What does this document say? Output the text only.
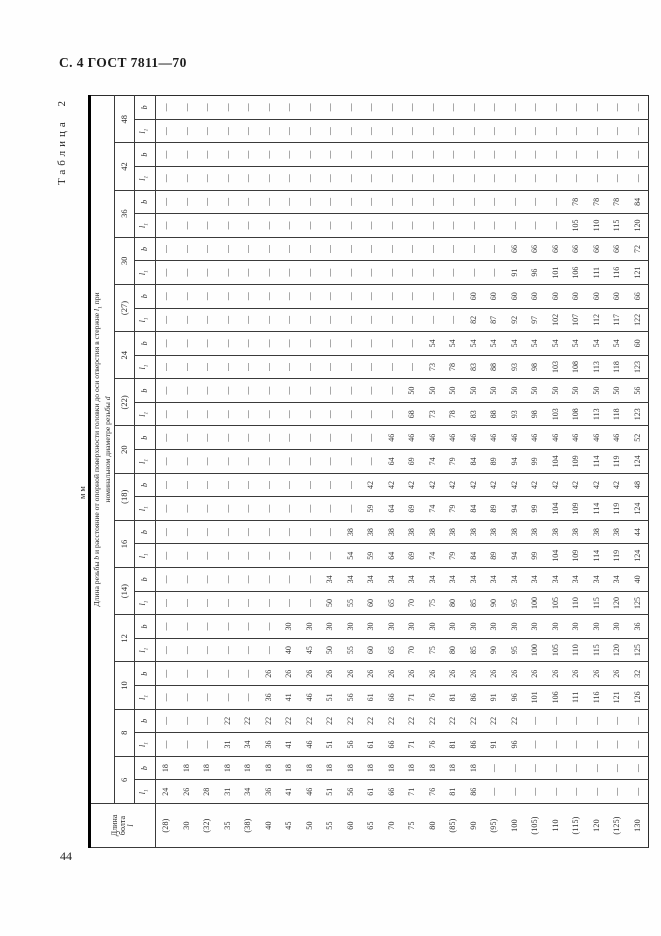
С. 4 ГОСТ 7811—70
мм
Таблица 2
Длина
болта
l	
Длина резьбы b и расстояние от опорной поверхности головки до оси отверстия в стержне $l_1$ при
номинальном диаметре резьбы d

	6		8		10		12		(14)		16		(18)		20		(22)		24		(27)		30		36		42		48	
	$l_1$	b	$l_1$	b	$l_1$	b	$l_1$	b	$l_1$	b	$l_1$	b	$l_1$	b	$l_1$	b	$l_1$	b	$l_1$	b	$l_1$	b	$l_1$	b	$l_1$	b	$l_1$	b	$l_1$	b
(28)	24	18	—	—	—	—	—	—	—	—	—	—	—	—	—	—	—	—	—	—	—	—	—	—	—	—	—	—	—	—
30	26	18	—	—	—	—	—	—	—	—	—	—	—	—	—	—	—	—	—	—	—	—	—	—	—	—	—	—	—	—
(32)	28	18	—	—	—	—	—	—	—	—	—	—	—	—	—	—	—	—	—	—	—	—	—	—	—	—	—	—	—	—
35	31	18	31	22	—	—	—	—	—	—	—	—	—	—	—	—	—	—	—	—	—	—	—	—	—	—	—	—	—	—
(38)	34	18	34	22	—	—	—	—	—	—	—	—	—	—	—	—	—	—	—	—	—	—	—	—	—	—	—	—	—	—
40	36	18	36	22	36	26	—	—	—	—	—	—	—	—	—	—	—	—	—	—	—	—	—	—	—	—	—	—	—	—
45	41	18	41	22	41	26	40	30	—	—	—	—	—	—	—	—	—	—	—	—	—	—	—	—	—	—	—	—	—	—
50	46	18	46	22	46	26	45	30	—	—	—	—	—	—	—	—	—	—	—	—	—	—	—	—	—	—	—	—	—	—
55	51	18	51	22	51	26	50	30	50	34	—	—	—	—	—	—	—	—	—	—	—	—	—	—	—	—	—	—	—	—
60	56	18	56	22	56	26	55	30	55	34	54	38	—	—	—	—	—	—	—	—	—	—	—	—	—	—	—	—	—	—
65	61	18	61	22	61	26	60	30	60	34	59	38	59	42	—	—	—	—	—	—	—	—	—	—	—	—	—	—	—	—
70	66	18	66	22	66	26	65	30	65	34	64	38	64	42	64	46	—	—	—	—	—	—	—	—	—	—	—	—	—	—
75	71	18	71	22	71	26	70	30	70	34	69	38	69	42	69	46	68	50	—	—	—	—	—	—	—	—	—	—	—	—
80	76	18	76	22	76	26	75	30	75	34	74	38	74	42	74	46	73	50	73	54	—	—	—	—	—	—	—	—	—	—
(85)	81	18	81	22	81	26	80	30	80	34	79	38	79	42	79	46	78	50	78	54	—	—	—	—	—	—	—	—	—	—
90	86	18	86	22	86	26	85	30	85	34	84	38	84	42	84	46	83	50	83	54	82	60	—	—	—	—	—	—	—	—
(95)	—	—	91	22	91	26	90	30	90	34	89	38	89	42	89	46	88	50	88	54	87	60	—	—	—	—	—	—	—	—
100	—	—	96	22	96	26	95	30	95	34	94	38	94	42	94	46	93	50	93	54	92	60	91	66	—	—	—	—	—	—
(105)	—	—	—	—	101	26	100	30	100	34	99	38	99	42	99	46	98	50	98	54	97	60	96	66	—	—	—	—	—	—
110	—	—	—	—	106	26	105	30	105	34	104	38	104	42	104	46	103	50	103	54	102	60	101	66	—	—	—	—	—	—
(115)	—	—	—	—	111	26	110	30	110	34	109	38	109	42	109	46	108	50	108	54	107	60	106	66	105	78	—	—	—	—
120	—	—	—	—	116	26	115	30	115	34	114	38	114	42	114	46	113	50	113	54	112	60	111	66	110	78	—	—	—	—
(125)	—	—	—	—	121	26	120	30	120	34	119	38	119	42	119	46	118	50	118	54	117	60	116	66	115	78	—	—	—	—
130	—	—	—	—	126	32	125	36	125	40	124	44	124	48	124	52	123	56	123	60	122	66	121	72	120	84	—	—	—	—
44
